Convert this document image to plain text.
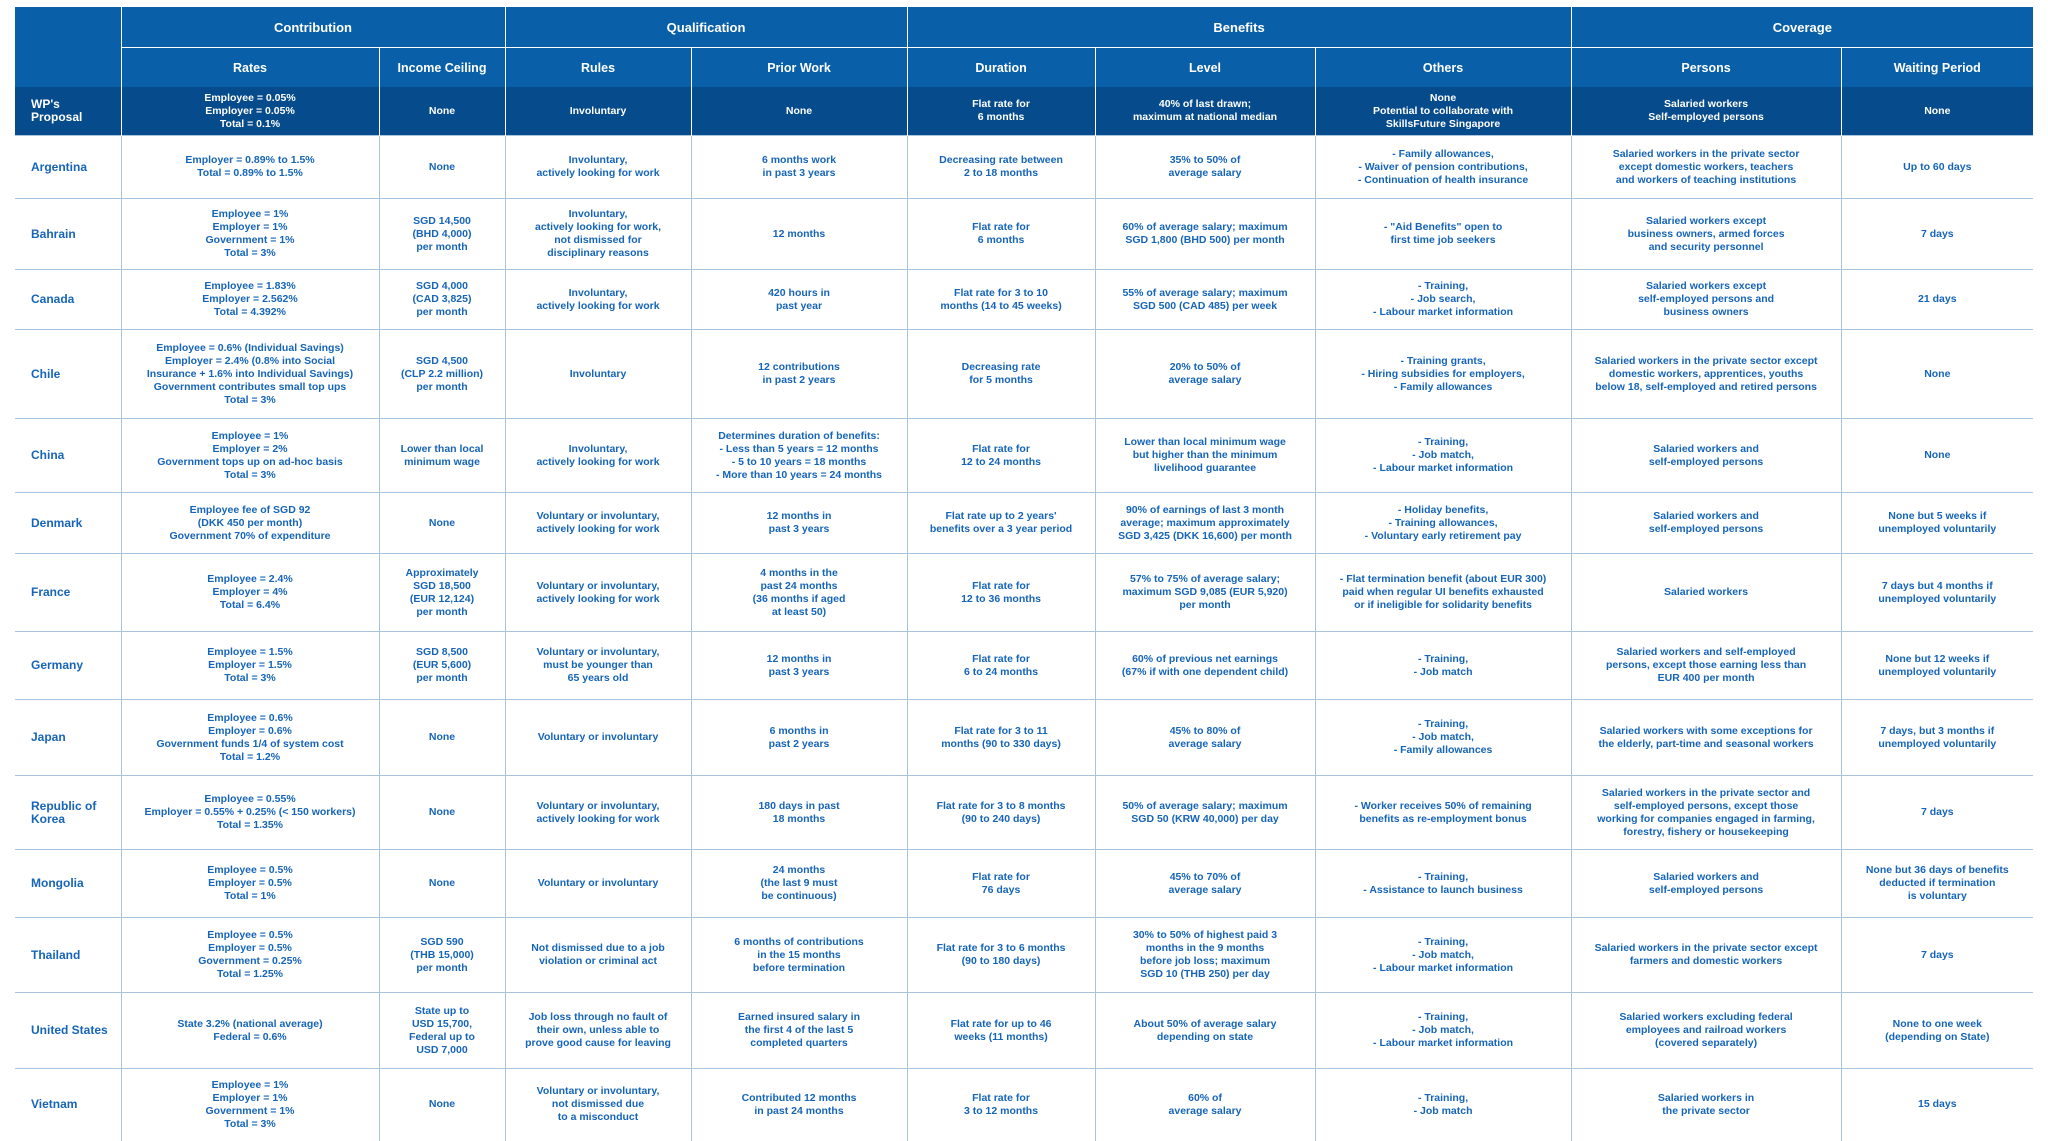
	Contribution		Qualification		Benefits			Coverage	
	Rates	Income Ceiling	Rules	Prior Work	Duration	Level	Others	Persons	Waiting Period
WP's
Proposal	Employee = 0.05%
Employer = 0.05%
Total = 0.1%	None	Involuntary	None	Flat rate for
6 months	40% of last drawn;
maximum at national median	None
Potential to collaborate with
SkillsFuture Singapore	Salaried workers
Self-employed persons	None
Argentina	Employer = 0.89% to 1.5%
Total = 0.89% to 1.5%	None	Involuntary,
actively looking for work	6 months work
in past 3 years	Decreasing rate between
2 to 18 months	35% to 50% of
average salary	- Family allowances,
- Waiver of pension contributions,
- Continuation of health insurance	Salaried workers in the private sector
except domestic workers, teachers
and workers of teaching institutions	Up to 60 days
Bahrain	Employee = 1%
Employer = 1%
Government = 1%
Total = 3%	SGD 14,500
(BHD 4,000)
per month	Involuntary,
actively looking for work,
not dismissed for
disciplinary reasons	12 months	Flat rate for
6 months	60% of average salary; maximum
SGD 1,800 (BHD 500) per month	- "Aid Benefits" open to
first time job seekers	Salaried workers except
business owners, armed forces
and security personnel	7 days
Canada	Employee = 1.83%
Employer = 2.562%
Total = 4.392%	SGD 4,000
(CAD 3,825)
per month	Involuntary,
actively looking for work	420 hours in
past year	Flat rate for 3 to 10
months (14 to 45 weeks)	55% of average salary; maximum
SGD 500 (CAD 485) per week	- Training,
- Job search,
- Labour market information	Salaried workers except
self-employed persons and
business owners	21 days
Chile	Employee = 0.6% (Individual Savings)
Employer = 2.4% (0.8% into Social
Insurance + 1.6% into Individual Savings)
Government contributes small top ups
Total = 3%	SGD 4,500
(CLP 2.2 million)
per month	Involuntary	12 contributions
in past 2 years	Decreasing rate
for 5 months	20% to 50% of
average salary	- Training grants,
- Hiring subsidies for employers,
- Family allowances	Salaried workers in the private sector except
domestic workers, apprentices, youths
below 18, self-employed and retired persons	None
China	Employee = 1%
Employer = 2%
Government tops up on ad-hoc basis
Total = 3%	Lower than local
minimum wage	Involuntary,
actively looking for work	Determines duration of benefits:
- Less than 5 years = 12 months
- 5 to 10 years = 18 months
- More than 10 years = 24 months	Flat rate for
12 to 24 months	Lower than local minimum wage
but higher than the minimum
livelihood guarantee	- Training,
- Job match,
- Labour market information	Salaried workers and
self-employed persons	None
Denmark	Employee fee of SGD 92
(DKK 450 per month)
Government 70% of expenditure	None	Voluntary or involuntary,
actively looking for work	12 months in
past 3 years	Flat rate up to 2 years'
benefits over a 3 year period	90% of earnings of last 3 month
average; maximum approximately
SGD 3,425 (DKK 16,600) per month	- Holiday benefits,
- Training allowances,
- Voluntary early retirement pay	Salaried workers and
self-employed persons	None but 5 weeks if
unemployed voluntarily
France	Employee = 2.4%
Employer = 4%
Total = 6.4%	Approximately
SGD 18,500
(EUR 12,124)
per month	Voluntary or involuntary,
actively looking for work	4 months in the
past 24 months
(36 months if aged
at least 50)	Flat rate for
12 to 36 months	57% to 75% of average salary;
maximum SGD 9,085 (EUR 5,920)
per month	- Flat termination benefit (about EUR 300)
paid when regular UI benefits exhausted
or if ineligible for solidarity benefits	Salaried workers	7 days but 4 months if
unemployed voluntarily
Germany	Employee = 1.5%
Employer = 1.5%
Total = 3%	SGD 8,500
(EUR 5,600)
per month	Voluntary or involuntary,
must be younger than
65 years old	12 months in
past 3 years	Flat rate for
6 to 24 months	60% of previous net earnings
(67% if with one dependent child)	- Training,
- Job match	Salaried workers and self-employed
persons, except those earning less than
EUR 400 per month	None but 12 weeks if
unemployed voluntarily
Japan	Employee = 0.6%
Employer = 0.6%
Government funds 1/4 of system cost
Total = 1.2%	None	Voluntary or involuntary	6 months in
past 2 years	Flat rate for 3 to 11
months (90 to 330 days)	45% to 80% of
average salary	- Training,
- Job match,
- Family allowances	Salaried workers with some exceptions for
the elderly, part-time and seasonal workers	7 days, but 3 months if
unemployed voluntarily
Republic of
Korea	Employee = 0.55%
Employer = 0.55% + 0.25% (< 150 workers)
Total = 1.35%	None	Voluntary or involuntary,
actively looking for work	180 days in past
18 months	Flat rate for 3 to 8 months
(90 to 240 days)	50% of average salary; maximum
SGD 50 (KRW 40,000) per day	- Worker receives 50% of remaining
benefits as re-employment bonus	Salaried workers in the private sector and
self-employed persons, except those
working for companies engaged in farming,
forestry, fishery or housekeeping	7 days
Mongolia	Employee = 0.5%
Employer = 0.5%
Total = 1%	None	Voluntary or involuntary	24 months
(the last 9 must
be continuous)	Flat rate for
76 days	45% to 70% of
average salary	- Training,
- Assistance to launch business	Salaried workers and
self-employed persons	None but 36 days of benefits
deducted if termination
is voluntary
Thailand	Employee = 0.5%
Employer = 0.5%
Government = 0.25%
Total = 1.25%	SGD 590
(THB 15,000)
per month	Not dismissed due to a job
violation or criminal act	6 months of contributions
in the 15 months
before termination	Flat rate for 3 to 6 months
(90 to 180 days)	30% to 50% of highest paid 3
months in the 9 months
before job loss; maximum
SGD 10 (THB 250) per day	- Training,
- Job match,
- Labour market information	Salaried workers in the private sector except
farmers and domestic workers	7 days
United States	State 3.2% (national average)
Federal = 0.6%	State up to
USD 15,700,
Federal up to
USD 7,000	Job loss through no fault of
their own, unless able to
prove good cause for leaving	Earned insured salary in
the first 4 of the last 5
completed quarters	Flat rate for up to 46
weeks (11 months)	About 50% of average salary
depending on state	- Training,
- Job match,
- Labour market information	Salaried workers excluding federal
employees and railroad workers
(covered separately)	None to one week
(depending on State)
Vietnam	Employee = 1%
Employer = 1%
Government = 1%
Total = 3%	None	Voluntary or involuntary,
not dismissed due
to a misconduct	Contributed 12 months
in past 24 months	Flat rate for
3 to 12 months	60% of
average salary	- Training,
- Job match	Salaried workers in
the private sector	15 days
